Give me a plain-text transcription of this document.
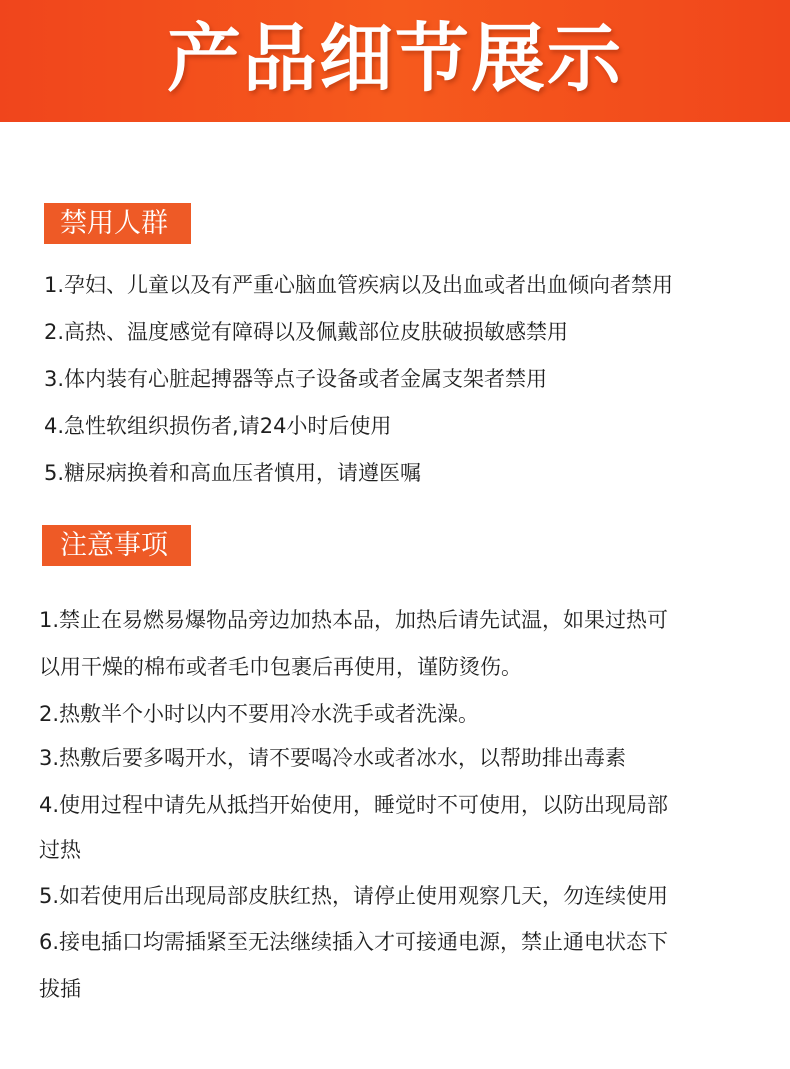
产品细节展示
禁用人群
1.孕妇、儿童以及有严重心脑血管疾病以及出血或者出血倾向者禁用
2.高热、温度感觉有障碍以及佩戴部位皮肤破损敏感禁用
3.体内装有心脏起搏器等点子设备或者金属支架者禁用
4.急性软组织损伤者,请24小时后使用
5.糖尿病换着和高血压者慎用，请遵医嘱
注意事项
1.禁止在易燃易爆物品旁边加热本品，加热后请先试温，如果过热可
以用干燥的棉布或者毛巾包裹后再使用，谨防烫伤。
2.热敷半个小时以内不要用冷水洗手或者洗澡。
3.热敷后要多喝开水，请不要喝冷水或者冰水，以帮助排出毒素
4.使用过程中请先从抵挡开始使用，睡觉时不可使用，以防出现局部
过热
5.如若使用后出现局部皮肤红热，请停止使用观察几天，勿连续使用
6.接电插口均需插紧至无法继续插入才可接通电源，禁止通电状态下
拔插
